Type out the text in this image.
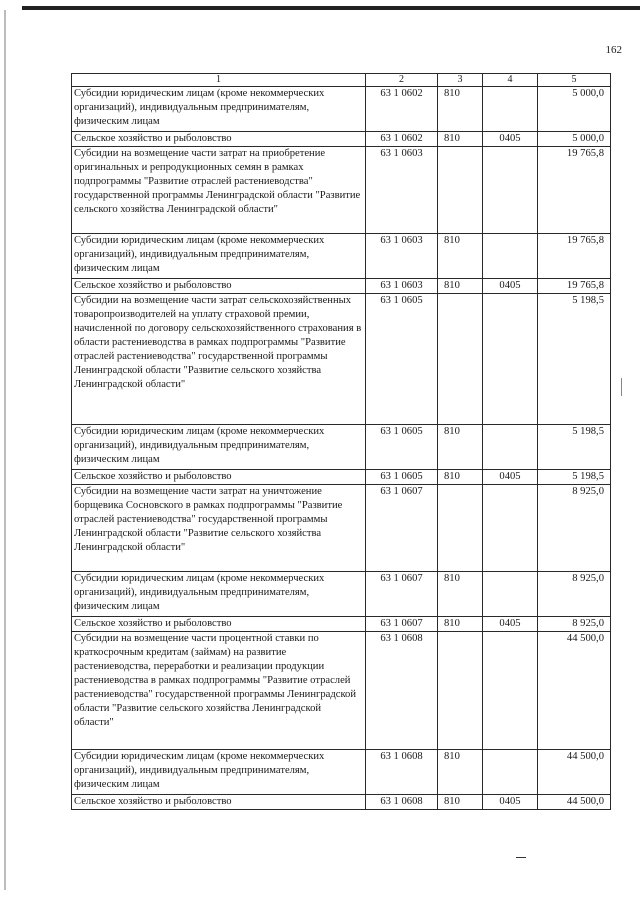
162
1	2	3	4	5
Субсидии юридическим лицам (кроме некоммерческих организаций), индивидуальным предпринимателям, физическим лицам	63 1 0602	810		5 000,0
Сельское хозяйство и рыболовство	63 1 0602	810	0405	5 000,0
Субсидии на возмещение части затрат на приобретение оригинальных и репродукционных семян в рамках подпрограммы "Развитие отраслей растениеводства" государственной программы Ленинградской области "Развитие сельского хозяйства Ленинградской области"	63 1 0603			19 765,8
Субсидии юридическим лицам (кроме некоммерческих организаций), индивидуальным предпринимателям, физическим лицам	63 1 0603	810		19 765,8
Сельское хозяйство и рыболовство	63 1 0603	810	0405	19 765,8
Субсидии на возмещение части затрат сельскохозяйственных товаропроизводителей на уплату страховой премии, начисленной по договору сельскохозяйственного страхования в области растениеводства в рамках подпрограммы "Развитие отраслей растениеводства" государственной программы Ленинградской области "Развитие сельского хозяйства Ленинградской области"	63 1 0605			5 198,5
Субсидии юридическим лицам (кроме некоммерческих организаций), индивидуальным предпринимателям, физическим лицам	63 1 0605	810		5 198,5
Сельское хозяйство и рыболовство	63 1 0605	810	0405	5 198,5
Субсидии на возмещение части затрат на уничтожение борщевика Сосновского в рамках подпрограммы "Развитие отраслей растениеводства" государственной программы Ленинградской области "Развитие сельского хозяйства Ленинградской области"	63 1 0607			8 925,0
Субсидии юридическим лицам (кроме некоммерческих организаций), индивидуальным предпринимателям, физическим лицам	63 1 0607	810		8 925,0
Сельское хозяйство и рыболовство	63 1 0607	810	0405	8 925,0
Субсидии на возмещение части процентной ставки по краткосрочным кредитам (займам) на развитие растениеводства, переработки и реализации продукции растениеводства в рамках подпрограммы "Развитие отраслей растениеводства" государственной программы Ленинградской области "Развитие сельского хозяйства Ленинградской области"	63 1 0608			44 500,0
Субсидии юридическим лицам (кроме некоммерческих организаций), индивидуальным предпринимателям, физическим лицам	63 1 0608	810		44 500,0
Сельское хозяйство и рыболовство	63 1 0608	810	0405	44 500,0
